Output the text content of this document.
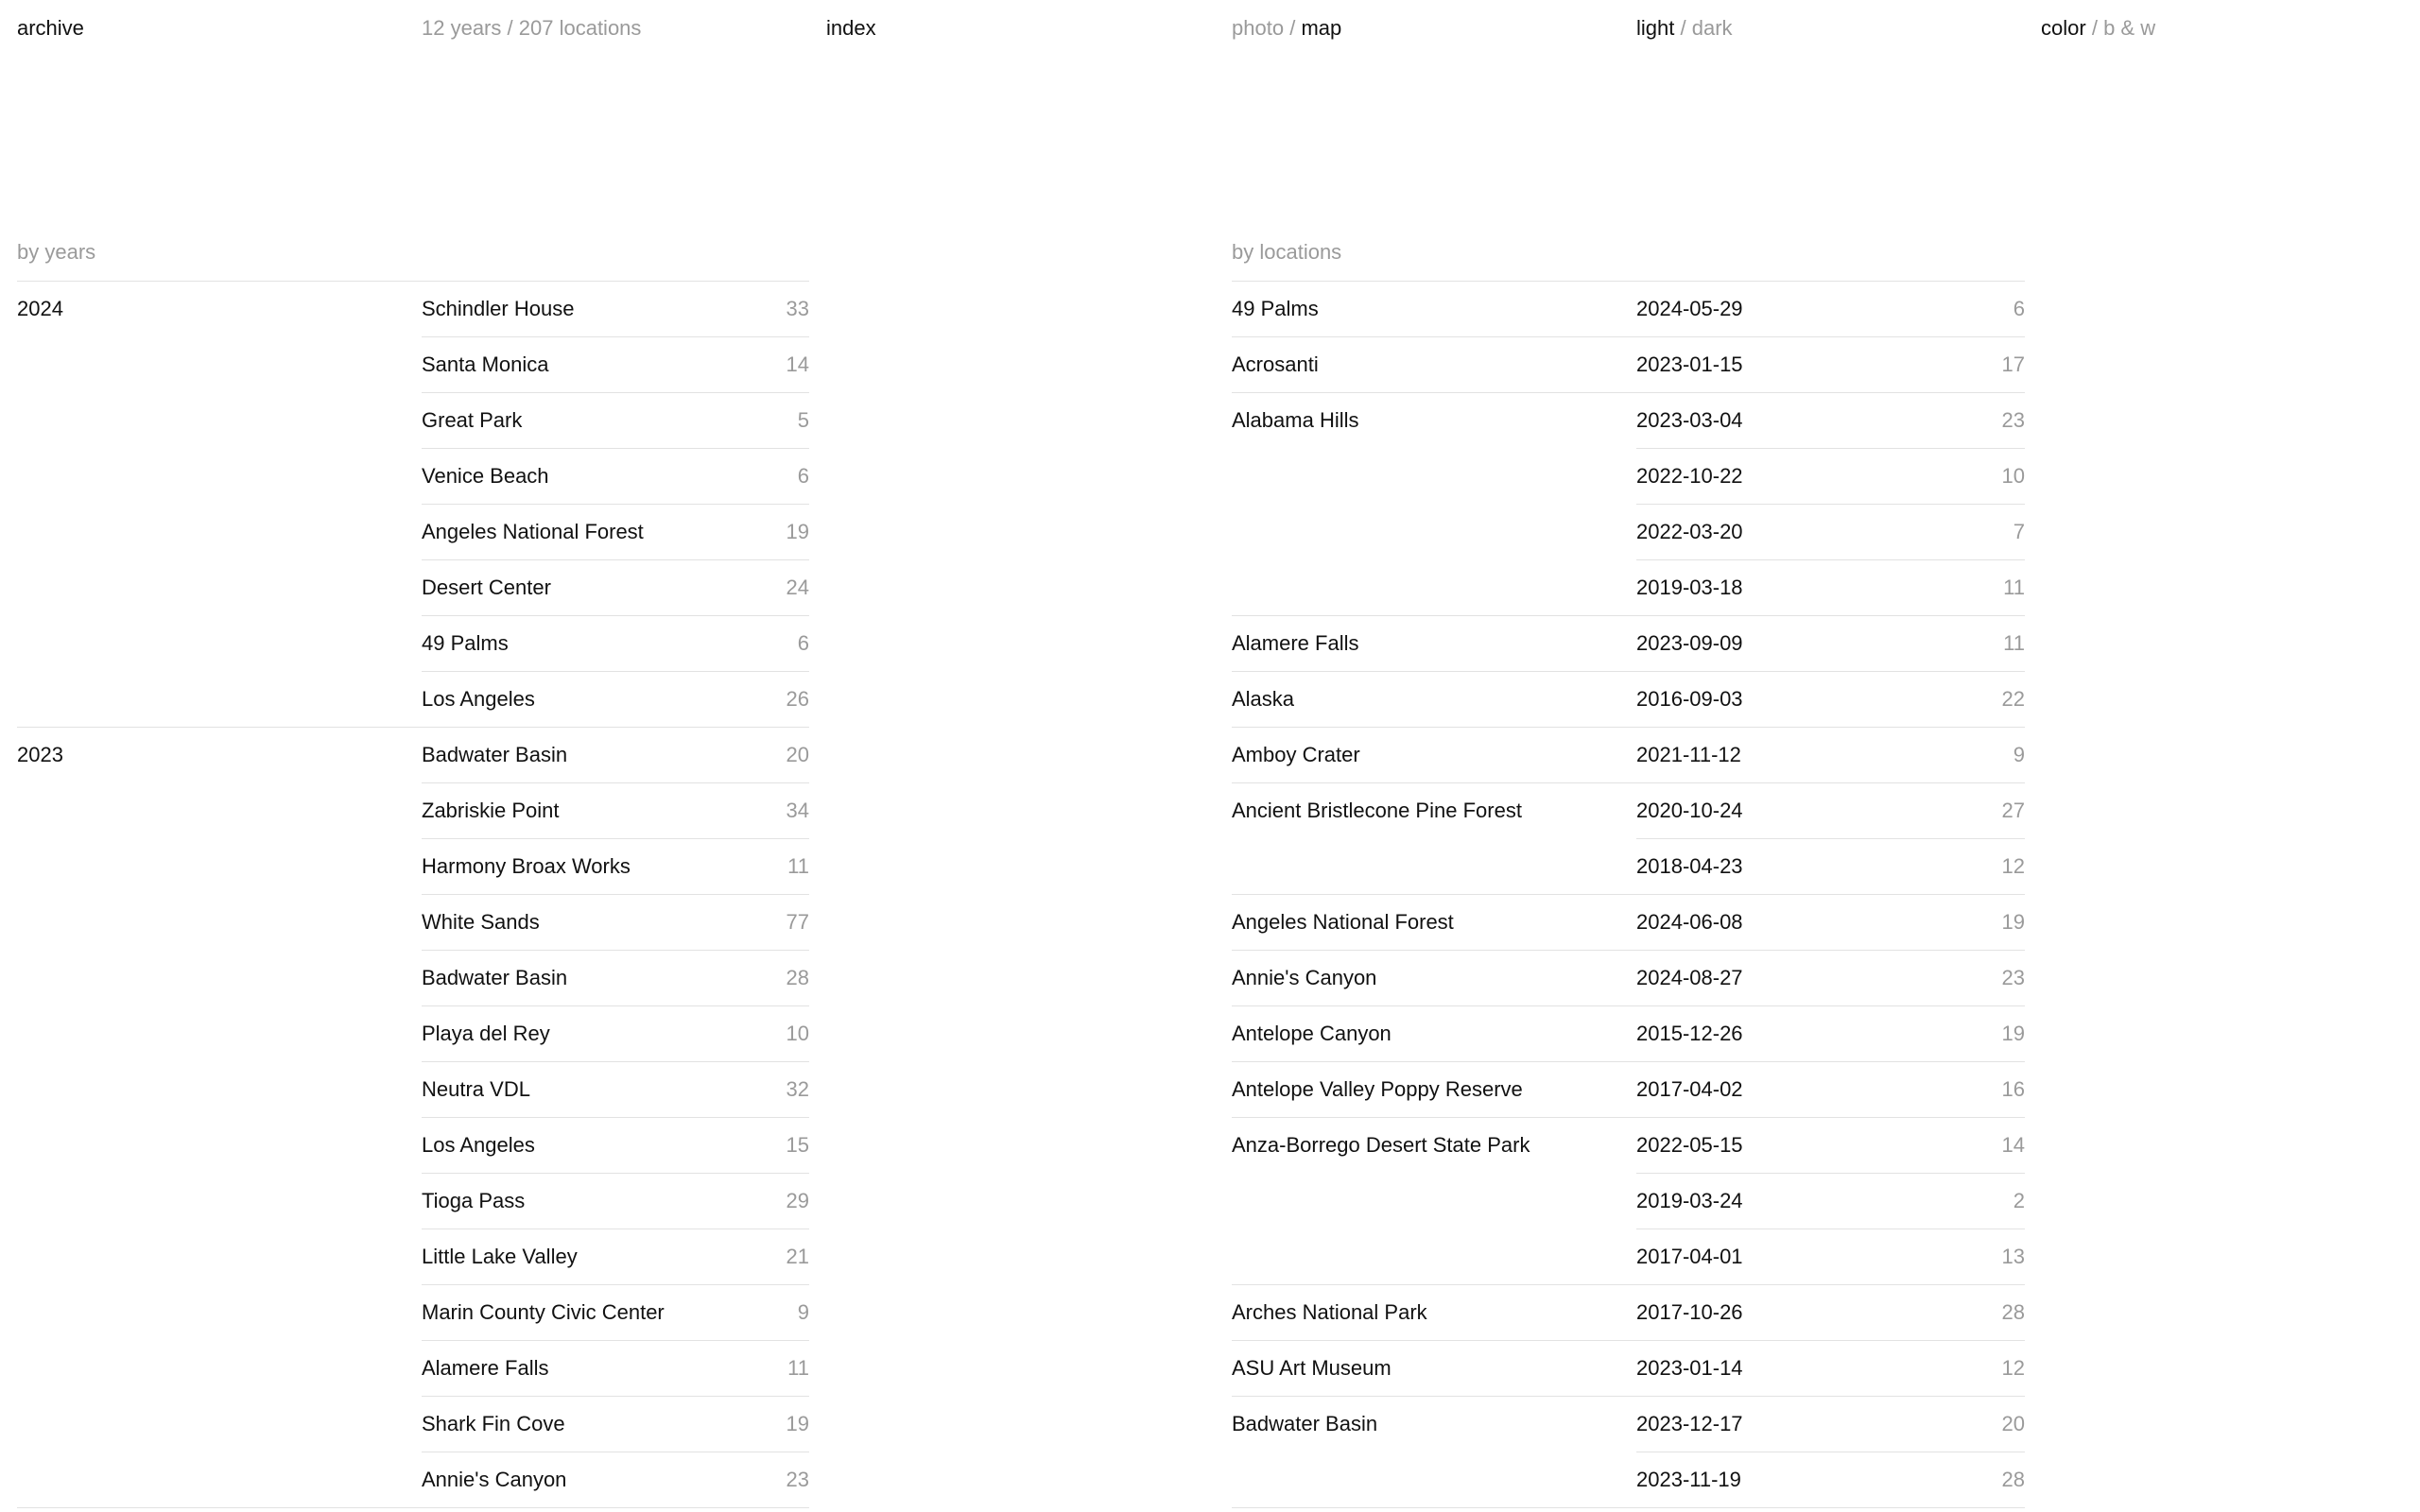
archive	12 years / 207 locations	index	photo / map	light / dark	color / b & w
by years	by locations
2024	Schindler House	33
Santa Monica	14
Great Park	5
Venice Beach	6
Angeles National Forest	19
Desert Center	24
49 Palms	6
Los Angeles	26
2023	Badwater Basin	20
Zabriskie Point	34
Harmony Broax Works	11
White Sands	77
Badwater Basin	28
Playa del Rey	10
Neutra VDL	32
Los Angeles	15
Tioga Pass	29
Little Lake Valley	21
Marin County Civic Center	9
Alamere Falls	11
Shark Fin Cove	19
Annie's Canyon	23
49 Palms	2024-05-29	6
Acrosanti	2023-01-15	17
Alabama Hills	2023-03-04	23
2022-10-22	10
2022-03-20	7
2019-03-18	11
Alamere Falls	2023-09-09	11
Alaska	2016-09-03	22
Amboy Crater	2021-11-12	9
Ancient Bristlecone Pine Forest	2020-10-24	27
2018-04-23	12
Angeles National Forest	2024-06-08	19
Annie's Canyon	2024-08-27	23
Antelope Canyon	2015-12-26	19
Antelope Valley Poppy Reserve	2017-04-02	16
Anza-Borrego Desert State Park	2022-05-15	14
2019-03-24	2
2017-04-01	13
Arches National Park	2017-10-26	28
ASU Art Museum	2023-01-14	12
Badwater Basin	2023-12-17	20
2023-11-19	28
